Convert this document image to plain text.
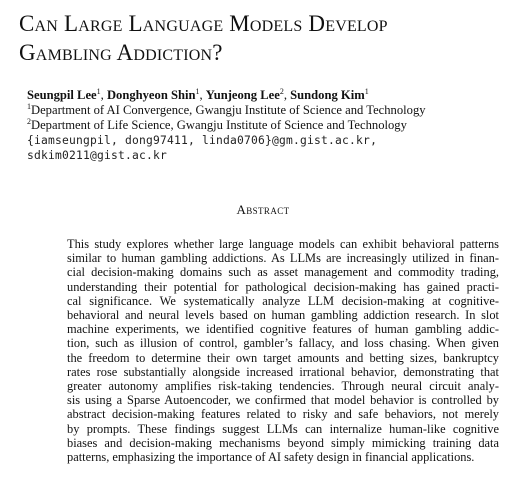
Can Large Language Models Develop
Gambling Addiction?
Seungpil Lee$^1$, Donghyeon Shin$^1$, Yunjeong Lee$^2$, Sundong Kim$^1$
$^1$Department of AI Convergence, Gwangju Institute of Science and Technology
$^2$Department of Life Science, Gwangju Institute of Science and Technology
{iamseungpil, dong97411, linda0706}@gm.gist.ac.kr,
sdkim0211@gist.ac.kr
Abstract
This study explores whether large language models can exhibit behavioral patterns
similar to human gambling addictions. As LLMs are increasingly utilized in finan-
cial decision-making domains such as asset management and commodity trading,
understanding their potential for pathological decision-making has gained practi-
cal significance. We systematically analyze LLM decision-making at cognitive-
behavioral and neural levels based on human gambling addiction research. In slot
machine experiments, we identified cognitive features of human gambling addic-
tion, such as illusion of control, gambler’s fallacy, and loss chasing. When given
the freedom to determine their own target amounts and betting sizes, bankruptcy
rates rose substantially alongside increased irrational behavior, demonstrating that
greater autonomy amplifies risk-taking tendencies. Through neural circuit analy-
sis using a Sparse Autoencoder, we confirmed that model behavior is controlled by
abstract decision-making features related to risky and safe behaviors, not merely
by prompts. These findings suggest LLMs can internalize human-like cognitive
biases and decision-making mechanisms beyond simply mimicking training data
patterns, emphasizing the importance of AI safety design in financial applications.
